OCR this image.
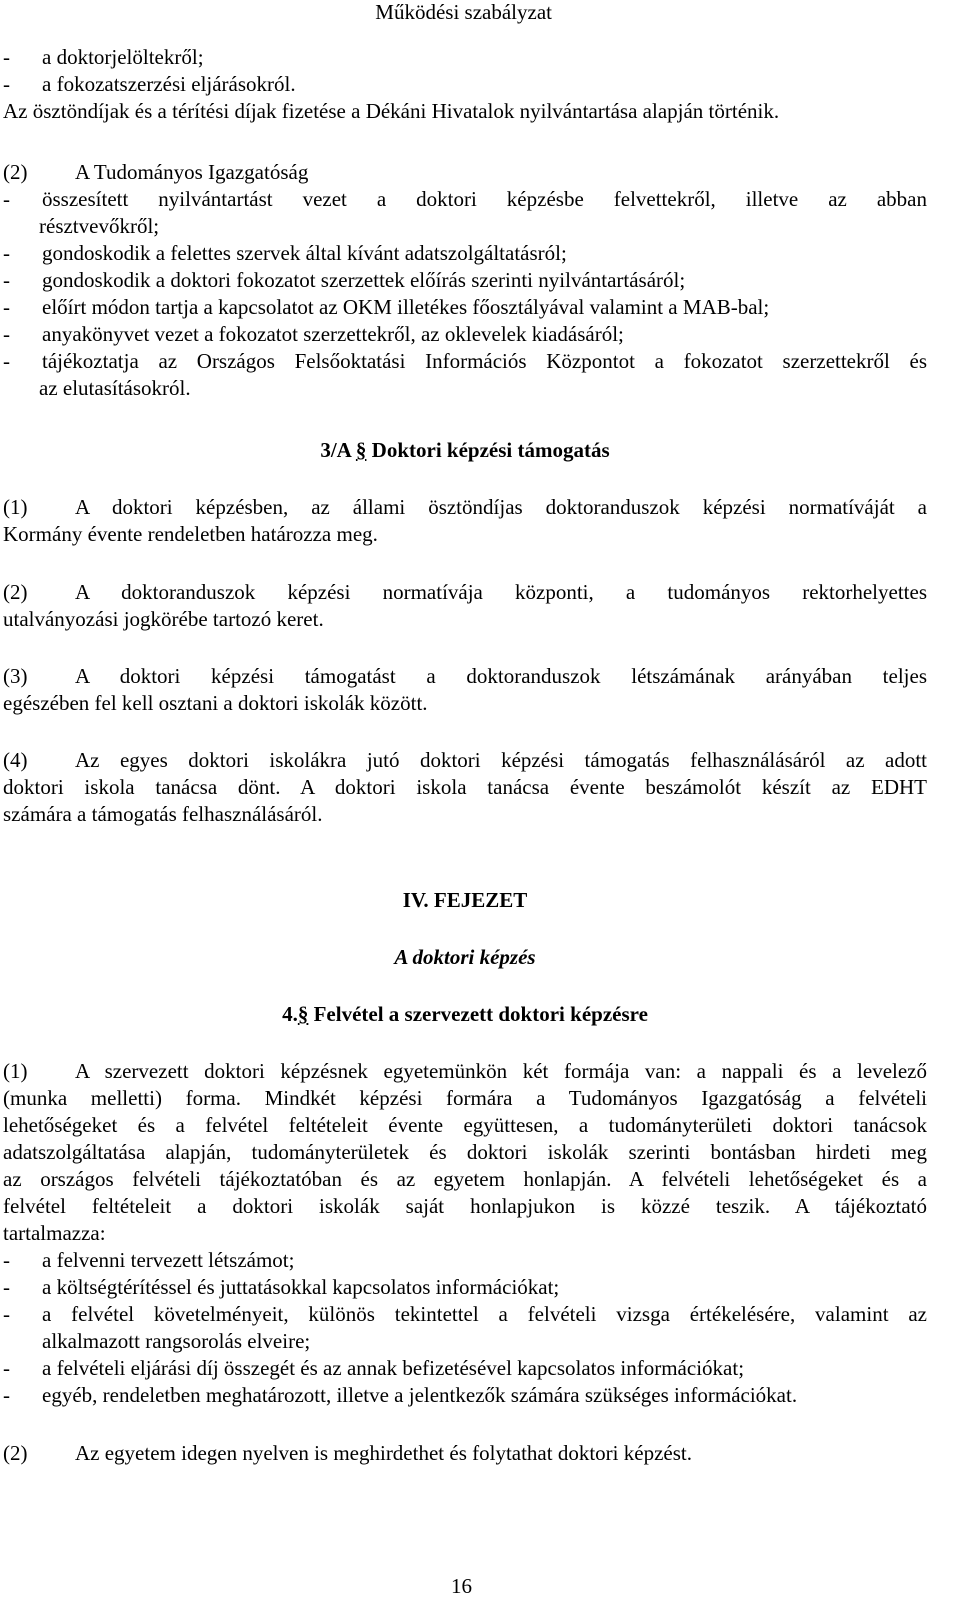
Működési szabályzat
-	a doktorjelöltekről;
-	a fokozatszerzési eljárásokról.
Az ösztöndíjak és a térítési díjak fizetése a Dékáni Hivatalok nyilvántartása alapján történik.
(2) A Tudományos Igazgatóság
-	összesített nyilvántartást vezet a doktori képzésbe felvettekről, illetve az abban
résztvevőkről;
-	gondoskodik a felettes szervek által kívánt adatszolgáltatásról;
-	gondoskodik a doktori fokozatot szerzettek előírás szerinti nyilvántartásáról;
-	előírt módon tartja a kapcsolatot az OKM illetékes főosztályával valamint a MAB-bal;
-	anyakönyvet vezet a fokozatot szerzettekről, az oklevelek kiadásáról;
-	tájékoztatja az Országos Felsőoktatási Információs Központot a fokozatot szerzettekről és
az elutasításokról.
3/A § Doktori képzési támogatás
(1)	A doktori képzésben, az állami ösztöndíjas doktoranduszok képzési normatíváját a
Kormány évente rendeletben határozza meg.
(2)	A doktoranduszok képzési normatívája központi, a tudományos rektorhelyettes
utalványozási jogkörébe tartozó keret.
(3)	A doktori képzési támogatást a doktoranduszok létszámának arányában teljes
egészében fel kell osztani a doktori iskolák között.
(4)	Az egyes doktori iskolákra jutó doktori képzési támogatás felhasználásáról az adott
doktori iskola tanácsa dönt. A doktori iskola tanácsa évente beszámolót készít az EDHT
számára a támogatás felhasználásáról.
IV. FEJEZET
A doktori képzés
4.§ Felvétel a szervezett doktori képzésre
(1)	A szervezett doktori képzésnek egyetemünkön két formája van: a nappali és a levelező
(munka melletti) forma. Mindkét képzési formára a Tudományos Igazgatóság a felvételi
lehetőségeket és a felvétel feltételeit évente együttesen, a tudományterületi doktori tanácsok
adatszolgáltatása alapján, tudományterületek és doktori iskolák szerinti bontásban hirdeti meg
az országos felvételi tájékoztatóban és az egyetem honlapján. A felvételi lehetőségeket és a
felvétel feltételeit a doktori iskolák saját honlapjukon is közzé teszik. A tájékoztató
tartalmazza:
-	a felvenni tervezett létszámot;
-	a költségtérítéssel és juttatásokkal kapcsolatos információkat;
-	a felvétel követelményeit, különös tekintettel a felvételi vizsga értékelésére, valamint az
alkalmazott rangsorolás elveire;
-	a felvételi eljárási díj összegét és az annak befizetésével kapcsolatos információkat;
-	egyéb, rendeletben meghatározott, illetve a jelentkezők számára szükséges információkat.
(2) Az egyetem idegen nyelven is meghirdethet és folytathat doktori képzést.
16
